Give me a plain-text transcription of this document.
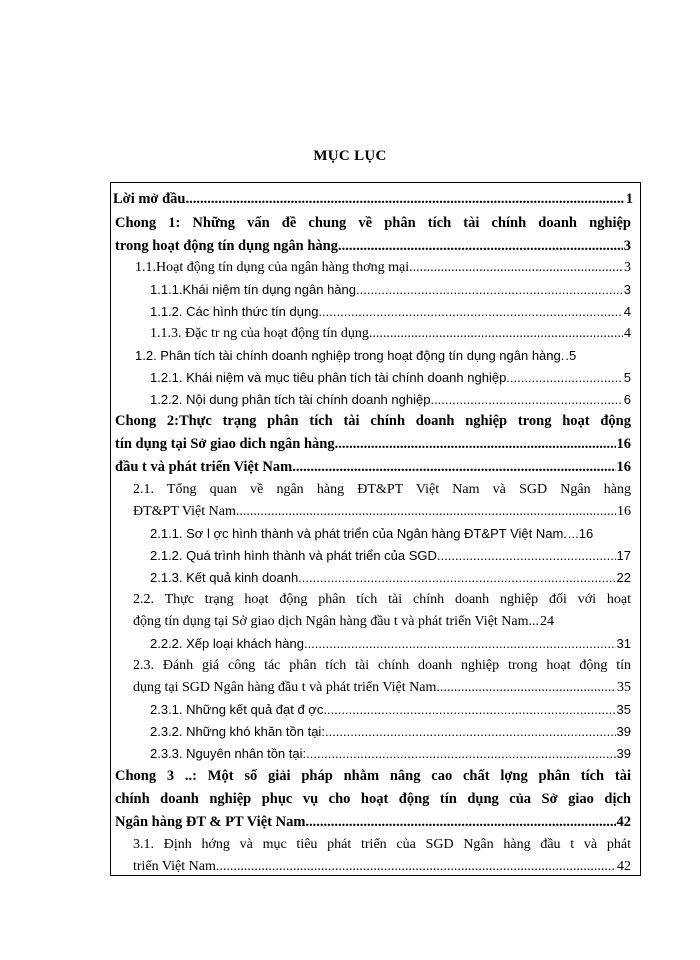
MỤC LỤC
Lời mở đầu .....	1
Chong 1: Những vấn đề chung về phân tích tài chính doanh nghiệp
trong hoạt động tín dụng ngân hàng .....	3
1.1.Hoạt động tín dụng của ngân hàng thơng mại. .....	3
1.1.1.Khái niệm tín dụng ngân hàng .....	3
1.1.2. Các hình thức tín dụng. .....	4
1.1.3. Đặc tr ng của hoạt động tín dụng. .....	4
1.2. Phân tích tài chính doanh nghiệp trong hoạt động tín dụng ngân hàng. .5
1.2.1. Khái niệm và mục tiêu phân tích tài chính doanh nghiệp. .....	5
1.2.2. Nội dung phân tích tài chính doanh nghiệp. .....	6
Chong 2:Thực trạng phân tích tài chính doanh nghiệp trong hoạt động
tín dụng tại Sở giao dich ngân hàng .....	16
đầu t và phát triển Việt Nam .....	16
2.1. Tổng quan về ngân hàng ĐT&PT Việt Nam và SGD Ngân hàng
ĐT&PT Việt Nam .....	16
2.1.1. Sơ l ợc hình thành và phát triển của Ngân hàng ĐT&PT Việt Nam. ...16
2.1.2. Quá trình hình thành và phát triển của SGD .....	17
2.1.3. Kết quả kinh doanh. .....	22
2.2. Thực trạng hoạt động phân tích tài chính doanh nghiệp đối với hoạt
động tín dụng tại Sở giao dịch Ngân hàng đầu t và phát triển Việt Nam... 24
2.2.2. Xếp loại khách hàng. .....	31
2.3. Đánh giá công tác phân tích tài chính doanh nghiệp trong hoạt động tín
dụng tại SGD Ngân hàng đầu t và phát triển Việt Nam. .....	35
2.3.1. Những kết quả đạt đ ợc .....	35
2.3.2. Những khó khăn tồn tại: .....	39
2.3.3. Nguyên nhân tồn tại: .....	39
Chong 3 ..: Một số giải pháp nhằm nâng cao chất lợng phân tích tài
chính doanh nghiệp phục vụ cho hoạt động tín dụng của Sở giao dịch
Ngân hàng ĐT & PT Việt Nam .....	42
3.1. Định hớng và mục tiêu phát triển của SGD Ngân hàng đầu t và phát
triển Việt Nam .....	42
